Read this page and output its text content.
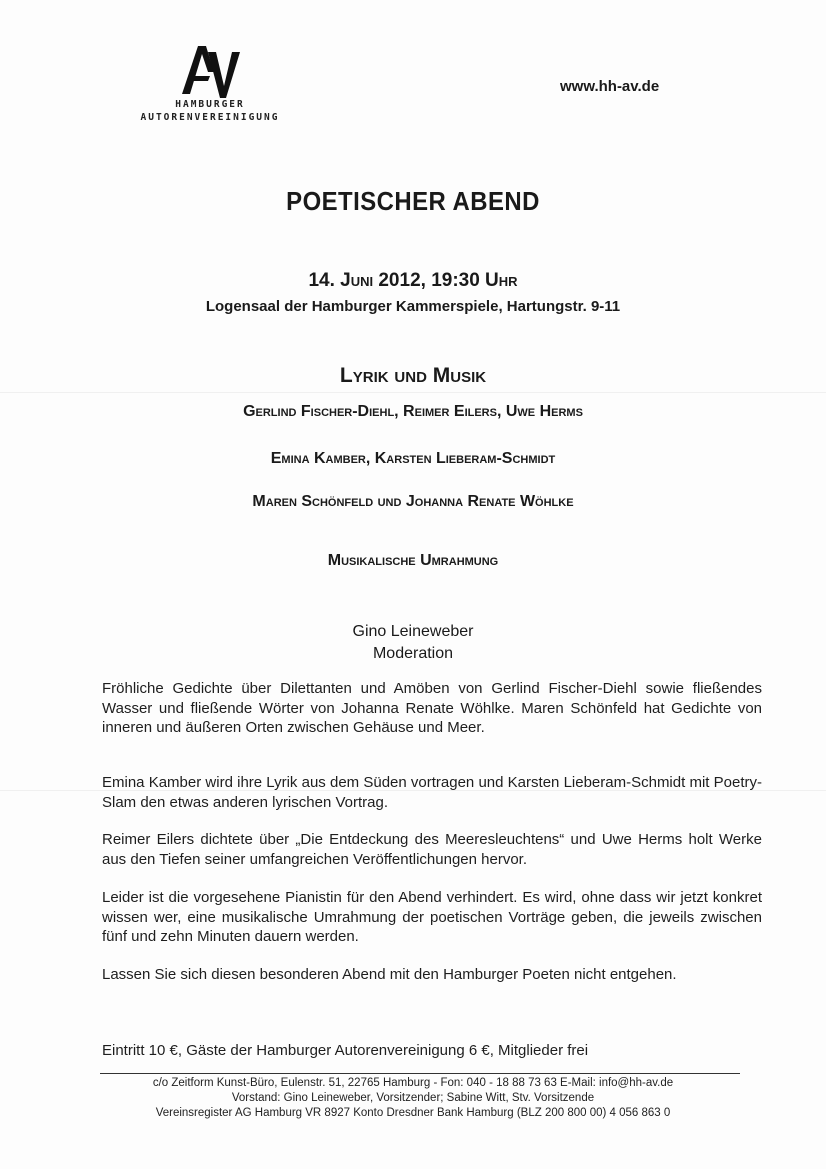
HAMBURGER
AUTORENVEREINIGUNG
www.hh-av.de
POETISCHER ABEND
14. Juni 2012, 19:30 Uhr
Logensaal der Hamburger Kammerspiele, Hartungstr. 9-11
Lyrik und Musik
Gerlind Fischer-Diehl, Reimer Eilers, Uwe Herms
Emina Kamber, Karsten Lieberam-Schmidt
Maren Schönfeld und Johanna Renate Wöhlke
Musikalische Umrahmung
Gino Leineweber
Moderation
Fröhliche Gedichte über Dilettanten und Amöben von Gerlind Fischer-Diehl sowie fließendes Wasser und fließende Wörter von Johanna Renate Wöhlke. Maren Schönfeld hat Gedichte von inneren und äußeren Orten zwischen Gehäuse und Meer.
Emina Kamber wird ihre Lyrik aus dem Süden vortragen und Karsten Lieberam-Schmidt mit Poetry-Slam den etwas anderen lyrischen Vortrag.
Reimer Eilers dichtete über „Die Entdeckung des Meeresleuchtens“ und Uwe Herms holt Werke aus den Tiefen seiner umfangreichen Veröffentlichungen hervor.
Leider ist die vorgesehene Pianistin für den Abend verhindert. Es wird, ohne dass wir jetzt konkret wissen wer, eine musikalische Umrahmung der poetischen Vorträge geben, die jeweils zwischen fünf und zehn Minuten dauern werden.
Lassen Sie sich diesen besonderen Abend mit den Hamburger Poeten nicht entgehen.
Eintritt 10 €, Gäste der Hamburger Autorenvereinigung 6 €, Mitglieder frei
c/o Zeitform Kunst-Büro, Eulenstr. 51, 22765 Hamburg - Fon: 040 - 18 88 73 63 E-Mail: info@hh-av.de
Vorstand: Gino Leineweber, Vorsitzender; Sabine Witt, Stv. Vorsitzende
Vereinsregister AG Hamburg VR 8927 Konto Dresdner Bank Hamburg (BLZ 200 800 00) 4 056 863 0
